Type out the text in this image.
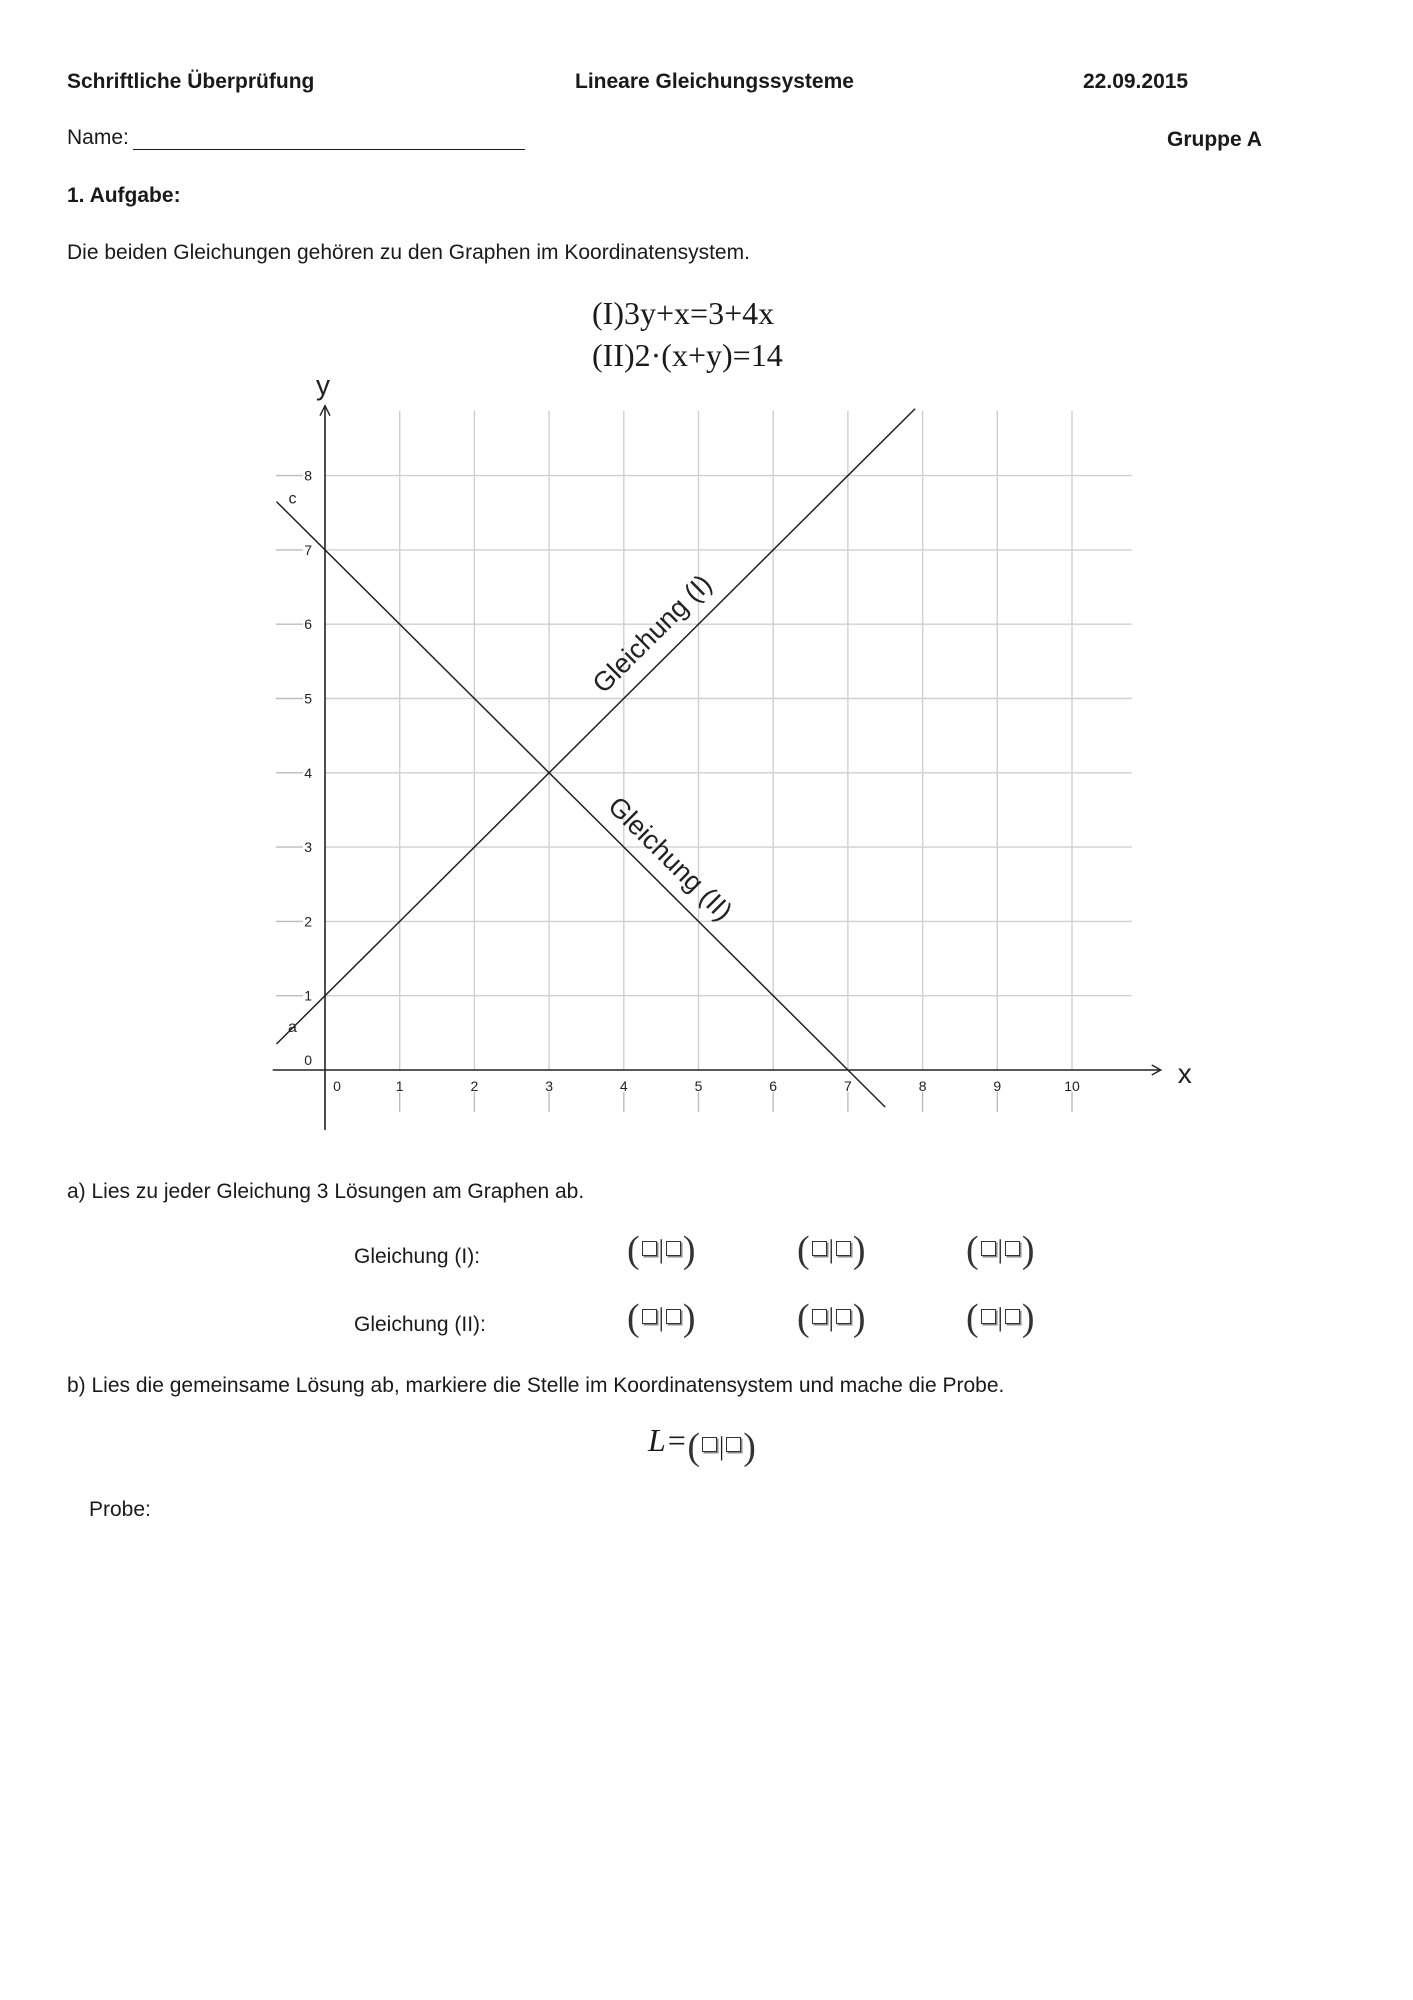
Schriftliche Überprüfung	Lineare Gleichungssysteme	22.09.2015
Name:	Gruppe A
1. Aufgabe:
Die beiden Gleichungen gehören zu den Graphen im Koordinatensystem.
(I)3y+x=3+4x
(II)2·(x+y)=14
x
y
0	1	2	3	4	5	6	7	8	9	10
0
1
2
3
4
5
6
7
8
Gleichung (I)
a
Gleichung (II)
c
a) Lies zu jeder Gleichung 3 Lösungen am Graphen ab.
Gleichung (I):	( | )	( | )	( | )
Gleichung (II):	( | )	( | )	( | )
b) Lies die gemeinsame Lösung ab, markiere die Stelle im Koordinatensystem und mache die Probe.
L=( | )
Probe:
